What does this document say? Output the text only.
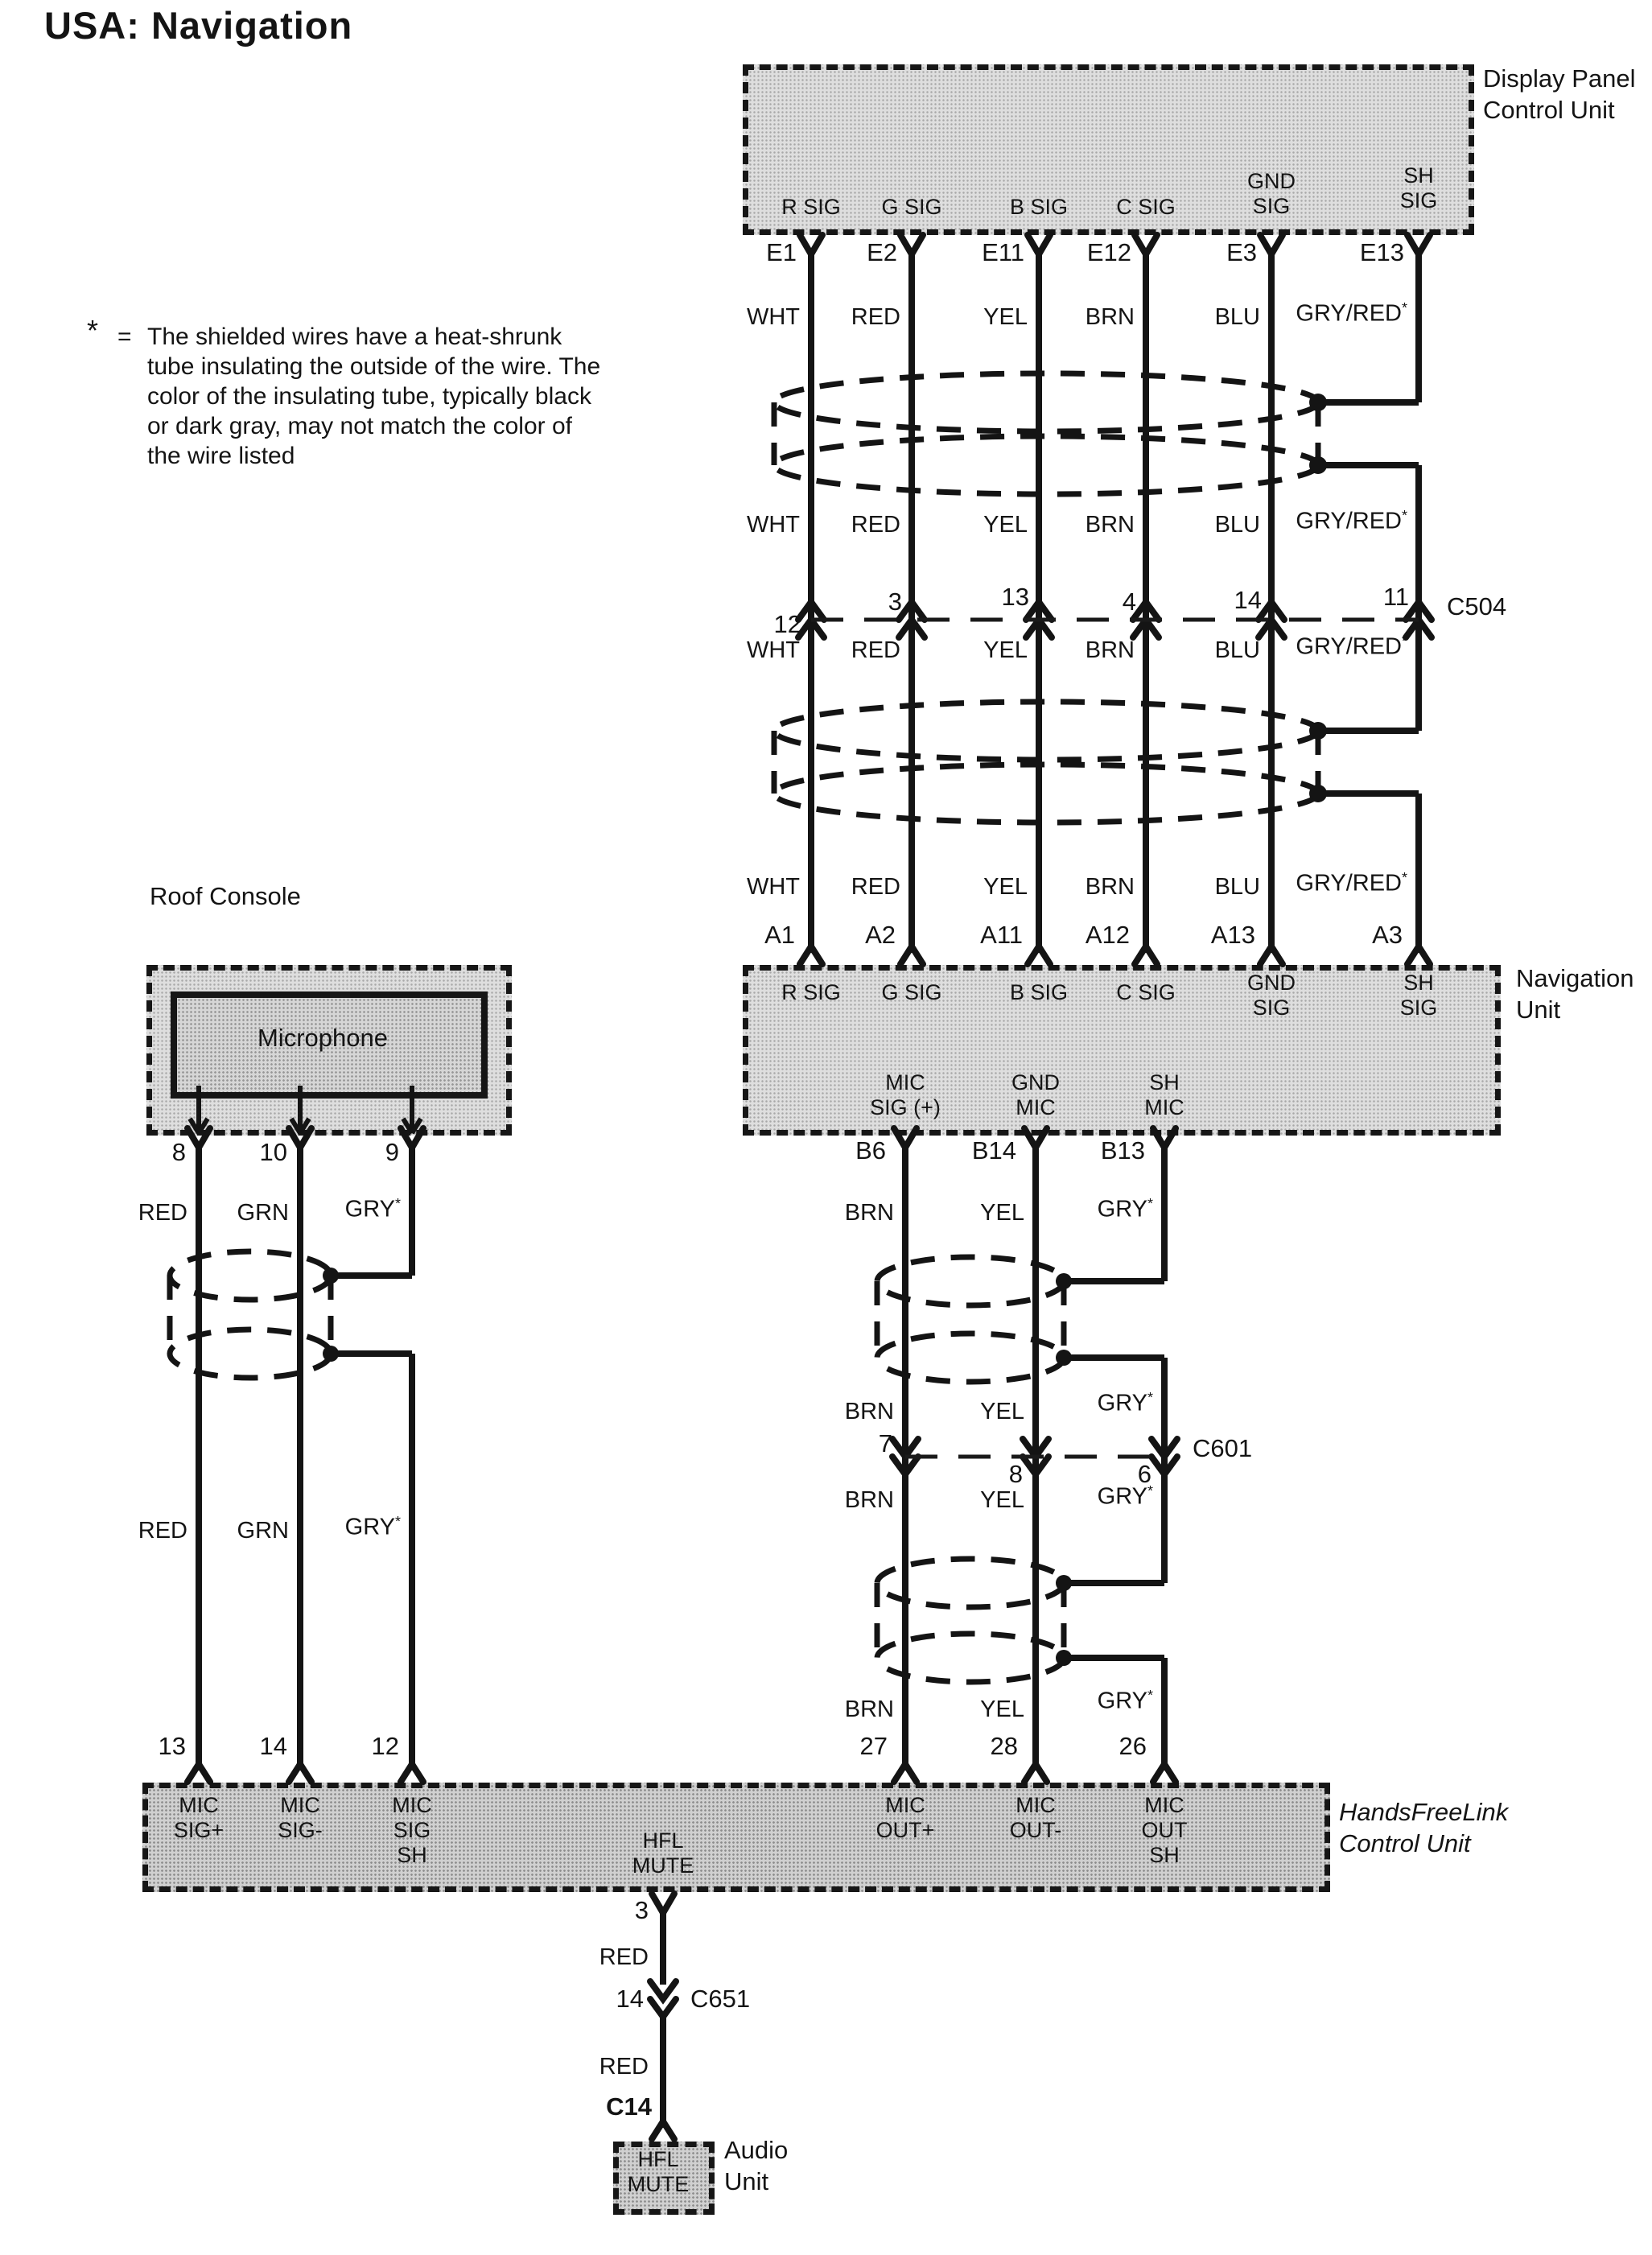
USA: Navigation
* = The shielded wires have a heat-shrunk
tube insulating the outside of the wire. The
color of the insulating tube, typically black
or dark gray, may not match the color of
the wire listed
R SIG G SIG	B SIG C SIG
GND
SIG
SH
SIG
Display Panel
Control Unit
E1	E2	E11	E12	E3	E13
WHT RED	YEL BRN	BLU GRY/RED*
WHT RED	YEL BRN	BLU GRY/RED*
WHT RED	YEL BRN	BLU GRY/RED*
WHT RED	YEL BRN	BLU GRY/RED*
12
3	13	4	14	11 C504
A1	A2	A11	A12	A13	A3
R SIG G SIG	B SIG C SIG	GND
SIG
SH
SIG
MIC
SIG (+)
GND
MIC
SH
MIC
Navigation
Unit
Roof Console
Microphone
8	10	9
RED GRN GRY*
RED GRN GRY*
B6	B14	B13
BRN	YEL	GRY*
BRN	YEL	GRY*
BRN	YEL	GRY*
BRN	YEL	GRY*
7
8	6
C601
13	14	12	27	28	26
MIC
SIG+
MIC
SIG-
MIC
SIG
SH
HFL
MUTE
MIC
OUT+
MIC
OUT-
MIC
OUT
SH
HandsFreeLink
Control Unit
3
RED
14 C651
RED
C14
HFL
MUTE
Audio
Unit
